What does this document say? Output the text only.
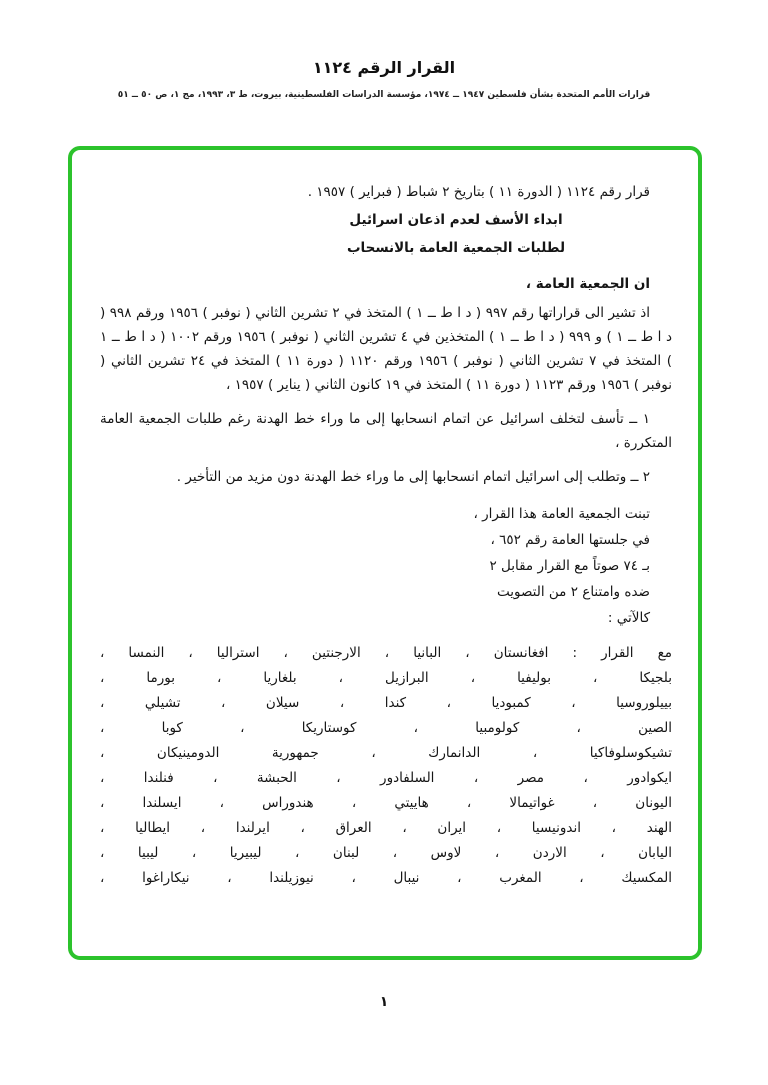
القرار الرقم ١١٢٤
قرارات الأمم المتحدة بشأن فلسطين ١٩٤٧ ــ ١٩٧٤، مؤسسة الدراسات الفلسطينية، بيروت، ط ٣، ١٩٩٣، مج ١، ص ٥٠ ــ ٥١
قرار رقم ١١٢٤ ( الدورة ١١ ) بتاريخ ٢ شباط ( فبراير ) ١٩٥٧ .
ابداء الأسف لعدم اذعان اسرائيل
لطلبات الجمعية العامة بالانسحاب
ان الجمعية العامة ،
اذ تشير الى قراراتها رقم ٩٩٧ ( د ا ط ــ ١ ) المتخذ في ٢ تشرين الثاني ( نوفبر ) ١٩٥٦ ورقم ٩٩٨ ( د ا ط ــ ١ ) و ٩٩٩ ( د ا ط ــ ١ ) المتخذين في ٤ تشرين الثاني ( نوفبر ) ١٩٥٦ ورقم ١٠٠٢ ( د ا ط ــ ١ ) المتخذ في ٧ تشرين الثاني ( نوفبر ) ١٩٥٦ ورقم ١١٢٠ ( دورة ١١ ) المتخذ في ٢٤ تشرين الثاني ( نوفبر ) ١٩٥٦ ورقم ١١٢٣ ( دورة ١١ ) المتخذ في ١٩ كانون الثاني ( يناير ) ١٩٥٧ ،
١ ــ تأسف لتخلف اسرائيل عن اتمام انسحابها إلى ما وراء خط الهدنة رغم طلبات الجمعية العامة المتكررة ،
٢ ــ وتطلب إلى اسرائيل اتمام انسحابها إلى ما وراء خط الهدنة دون مزيد من التأخير .
تبنت الجمعية العامة هذا القرار ،
في جلستها العامة رقم ٦٥٢ ،
بـ ٧٤ صوتاً مع القرار مقابل ٢
ضده وامتناع ٢ من التصويت
كالآتي :
مع القرار : افغانستان ، البانيا ، الارجنتين ، استراليا ، النمسا ،
بلجيكا ، بوليفيا ، البرازيل ، بلغاريا ، بورما ،
بييلوروسيا ، كمبوديا ، كندا ، سيلان ، تشيلي ،
الصين ، كولومبيا ، كوستاريكا ، كوبا ،
تشيكوسلوفاكيا ، الدانمارك ، جمهورية الدومينيكان ،
ايكوادور ، مصر ، السلفادور ، الحبشة ، فنلندا ،
اليونان ، غواتيمالا ، هاييتي ، هندوراس ، ايسلندا ،
الهند ، اندونيسيا ، ايران ، العراق ، ايرلندا ، ايطاليا ،
اليابان ، الاردن ، لاوس ، لبنان ، ليبيريا ، ليبيا ،
المكسيك ، المغرب ، نيبال ، نيوزيلندا ، نيكاراغوا ،
١
